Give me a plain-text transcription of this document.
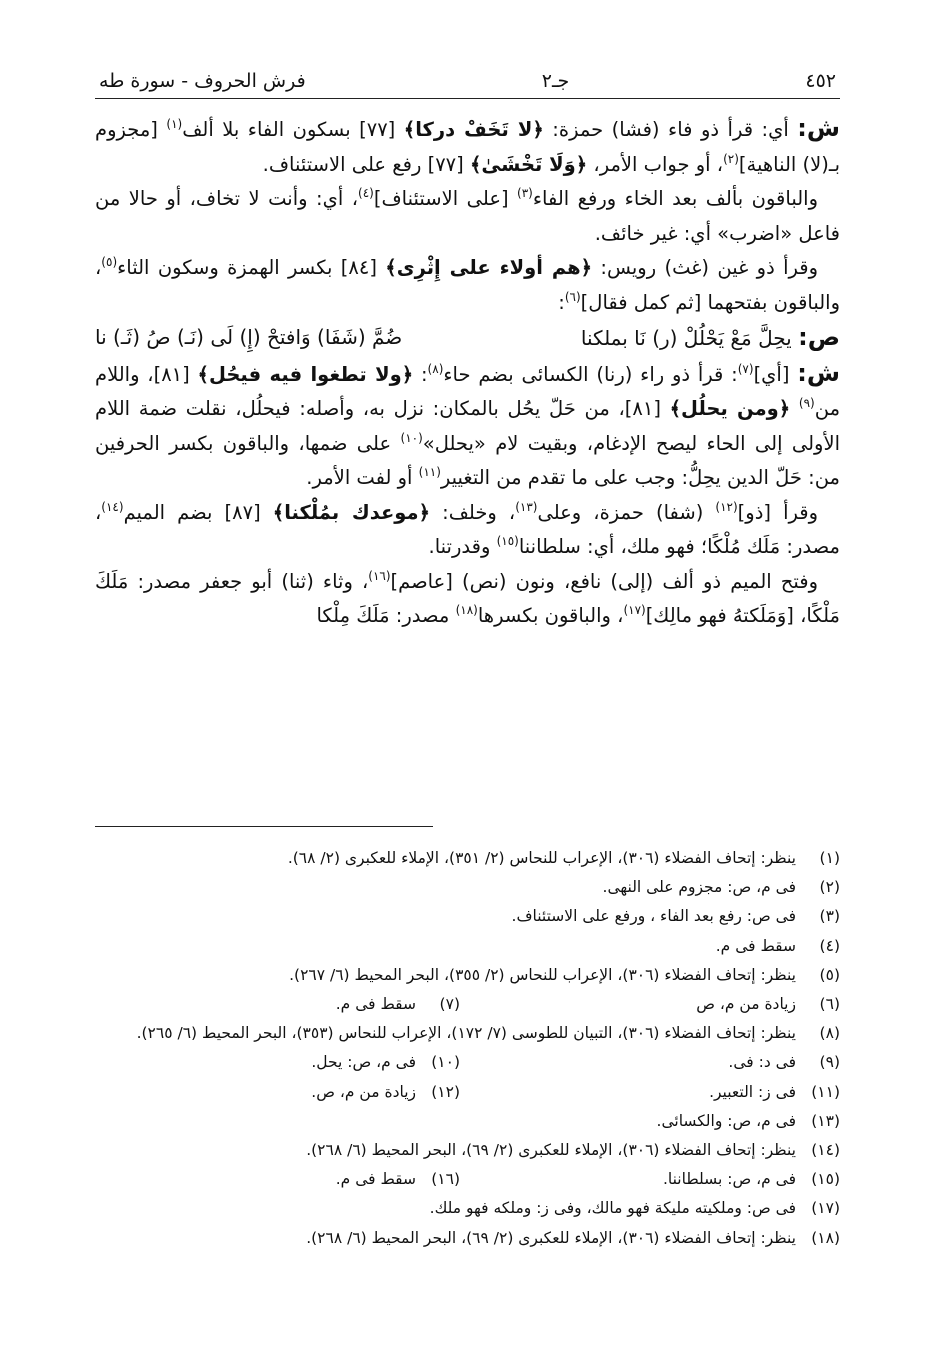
٤٥٢
جـ٢
فرش الحروف - سورة طه

ش: أي: قرأ ذو فاء (فشا) حمزة: ﴿لا تَخَفْ دركا﴾ [٧٧] بسكون الفاء بلا ألف$^{(١)}$ [مجزوم بـ(لا) الناهية]$^{(٢)}$، أو جواب الأمر، ﴿وَلَا تَخْشَىٰ﴾ [٧٧] رفع على الاستئناف.

والباقون بألف بعد الخاء ورفع الفاء$^{(٣)}$ [على الاستئناف]$^{(٤)}$، أي: وأنت لا تخاف، أو حالا من فاعل «اضرب» أي: غير خائف.

وقرأ ذو غين (غث) رويس: ﴿هم أولاء على إِثْرِى﴾ [٨٤] بكسر الهمزة وسكون الثاء$^{(٥)}$، والباقون بفتحهما [ثم كمل فقال]$^{(٦)}$:

ص: يحِلَّ مَعْ يَحْلُلْ (ر) نَا بملكنا
ضُمَّ (شَفَا) وَافتحْ (إِ) لَى (نَـ) صُ (ثَـ) نا

ش: [أي]$^{(٧)}$: قرأ ذو راء (رنا) الكسائى بضم حاء$^{(٨)}$: ﴿ولا تطغوا فيه فيحُل﴾ [٨١]، واللام من$^{(٩)}$ ﴿ومن يحلُل﴾ [٨١]، من حَلّ يحُل بالمكان: نزل به، وأصله: فيحلُل، نقلت ضمة اللام الأولى إلى الحاء ليصح الإدغام، وبقيت لام «يحلل»$^{(١٠)}$ على ضمها، والباقون بكسر الحرفين من: حَلّ الدين يحِلُّ: وجب على ما تقدم من التغيير$^{(١١)}$ أو لفت الأمر.

وقرأ [ذو]$^{(١٢)}$ (شفا) حمزة، وعلى$^{(١٣)}$، وخلف: ﴿موعدك بمُلْكنا﴾ [٨٧] بضم الميم$^{(١٤)}$، مصدر: مَلَك مُلْكًا؛ فهو ملك، أي: سلطاننا$^{(١٥)}$ وقدرتنا.

وفتح الميم ذو ألف (إلى) نافع، ونون (نص) [عاصم]$^{(١٦)}$، وثاء (ثنا) أبو جعفر مصدر: مَلَكَ مَلْكًا، [وَمَلَكتهُ فهو مالِك]$^{(١٧)}$، والباقون بكسرها$^{(١٨)}$ مصدر: مَلَكَ مِلْكا

(١)
ينظر: إتحاف الفضلاء (٣٠٦)، الإعراب للنحاس (٢/ ٣٥١)، الإملاء للعكبرى (٢/ ٦٨).
(٢)
فى م، ص: مجزوم على النهى.
(٣)
فى ص: رفع بعد الفاء ، ورفع على الاستئناف.
(٤)
سقط فى م.
(٥)
ينظر: إتحاف الفضلاء (٣٠٦)، الإعراب للنحاس (٢/ ٣٥٥)، البحر المحيط (٦/ ٢٦٧).
(٦)
زيادة من م، ص
(٧)
سقط فى م.
(٨)
ينظر: إتحاف الفضلاء (٣٠٦)، التبيان للطوسى (٧/ ١٧٢)، الإعراب للنحاس (٣٥٣)، البحر المحيط (٦/ ٢٦٥).
(٩)
فى د: فى.
(١٠)
فى م، ص: يحل.
(١١)
فى ز: التعبير.
(١٢)
زيادة من م، ص.
(١٣)
فى م، ص: والكسائى.
(١٤)
ينظر: إتحاف الفضلاء (٣٠٦)، الإملاء للعكبرى (٢/ ٦٩)، البحر المحيط (٦/ ٢٦٨).
(١٥)
فى م، ص: بسلطاننا.
(١٦)
سقط فى م.
(١٧)
فى ص: وملكيته مليكة فهو مالك، وفى ز: وملكه فهو ملك.
(١٨)
ينظر: إتحاف الفضلاء (٣٠٦)، الإملاء للعكبرى (٢/ ٦٩)، البحر المحيط (٦/ ٢٦٨).
